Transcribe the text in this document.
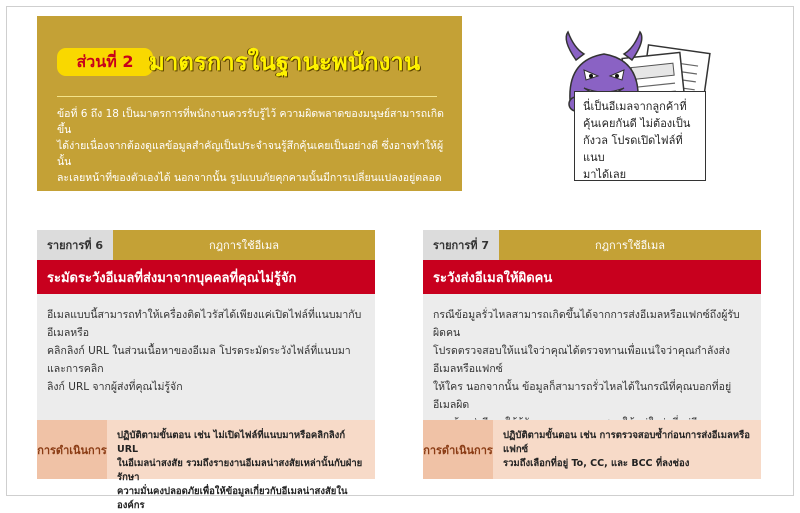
ส่วนที่ 2 มาตรการในฐานะพนักงาน
ข้อที่ 6 ถึง 18 เป็นมาตรการที่พนักงานควรรับรู้ไว้ ความผิดพลาดของมนุษย์สามารถเกิดขึ้น
ได้ง่ายเนื่องจากต้องดูแลข้อมูลสำคัญเป็นประจำจนรู้สึกคุ้นเคยเป็นอย่างดี ซึ่งอาจทำให้ผู้นั้น
ละเลยหน้าที่ของตัวเองได้ นอกจากนั้น รูปแบบภัยคุกคามนั้นมีการเปลี่ยนแปลงอยู่ตลอดเวลา
คุณจึงจำเป็นต้องระมัดระวังอยู่เสมอ
นี่เป็นอีเมลจากลูกค้าที่
คุ้นเคยกันดี ไม่ต้องเป็น
กังวล โปรดเปิดไฟล์ที่แนบ
มาได้เลย
รายการที่ 6	กฎการใช้อีเมล
ระมัดระวังอีเมลที่ส่งมาจากบุคคลที่คุณไม่รู้จัก
อีเมลแบบนี้สามารถทำให้เครื่องติดไวรัสได้เพียงแค่เปิดไฟล์ที่แนบมากับอีเมลหรือ
คลิกลิงก์ URL ในส่วนเนื้อหาของอีเมล โปรดระมัดระวังไฟล์ที่แนบมาและการคลิก
ลิงก์ URL จากผู้ส่งที่คุณไม่รู้จัก
การดำเนินการ
ปฏิบัติตามขั้นตอน เช่น ไม่เปิดไฟล์ที่แนบมาหรือคลิกลิงก์ URL
ในอีเมลน่าสงสัย รวมถึงรายงานอีเมลน่าสงสัยเหล่านั้นกับฝ่ายรักษา
ความมั่นคงปลอดภัยเพื่อให้ข้อมูลเกี่ยวกับอีเมลน่าสงสัยในองค์กร
รายการที่ 7	กฎการใช้อีเมล
ระวังส่งอีเมลให้ผิดคน
กรณีข้อมูลรั่วไหลสามารถเกิดขึ้นได้จากการส่งอีเมลหรือแฟกซ์ถึงผู้รับผิดคน
โปรดตรวจสอบให้แน่ใจว่าคุณได้ตรวจทานเพื่อแน่ใจว่าคุณกำลังส่งอีเมลหรือแฟกซ์
ให้ใคร นอกจากนั้น ข้อมูลก็สามารถรั่วไหลได้ในกรณีที่คุณบอกที่อยู่อีเมลผิด
การดำเนินการ
ปฏิบัติตามขั้นตอน เช่น การตรวจสอบซ้ำก่อนการส่งอีเมลหรือแฟกซ์
รวมถึงเลือกที่อยู่ To, CC, และ BCC ที่ลงช่อง
